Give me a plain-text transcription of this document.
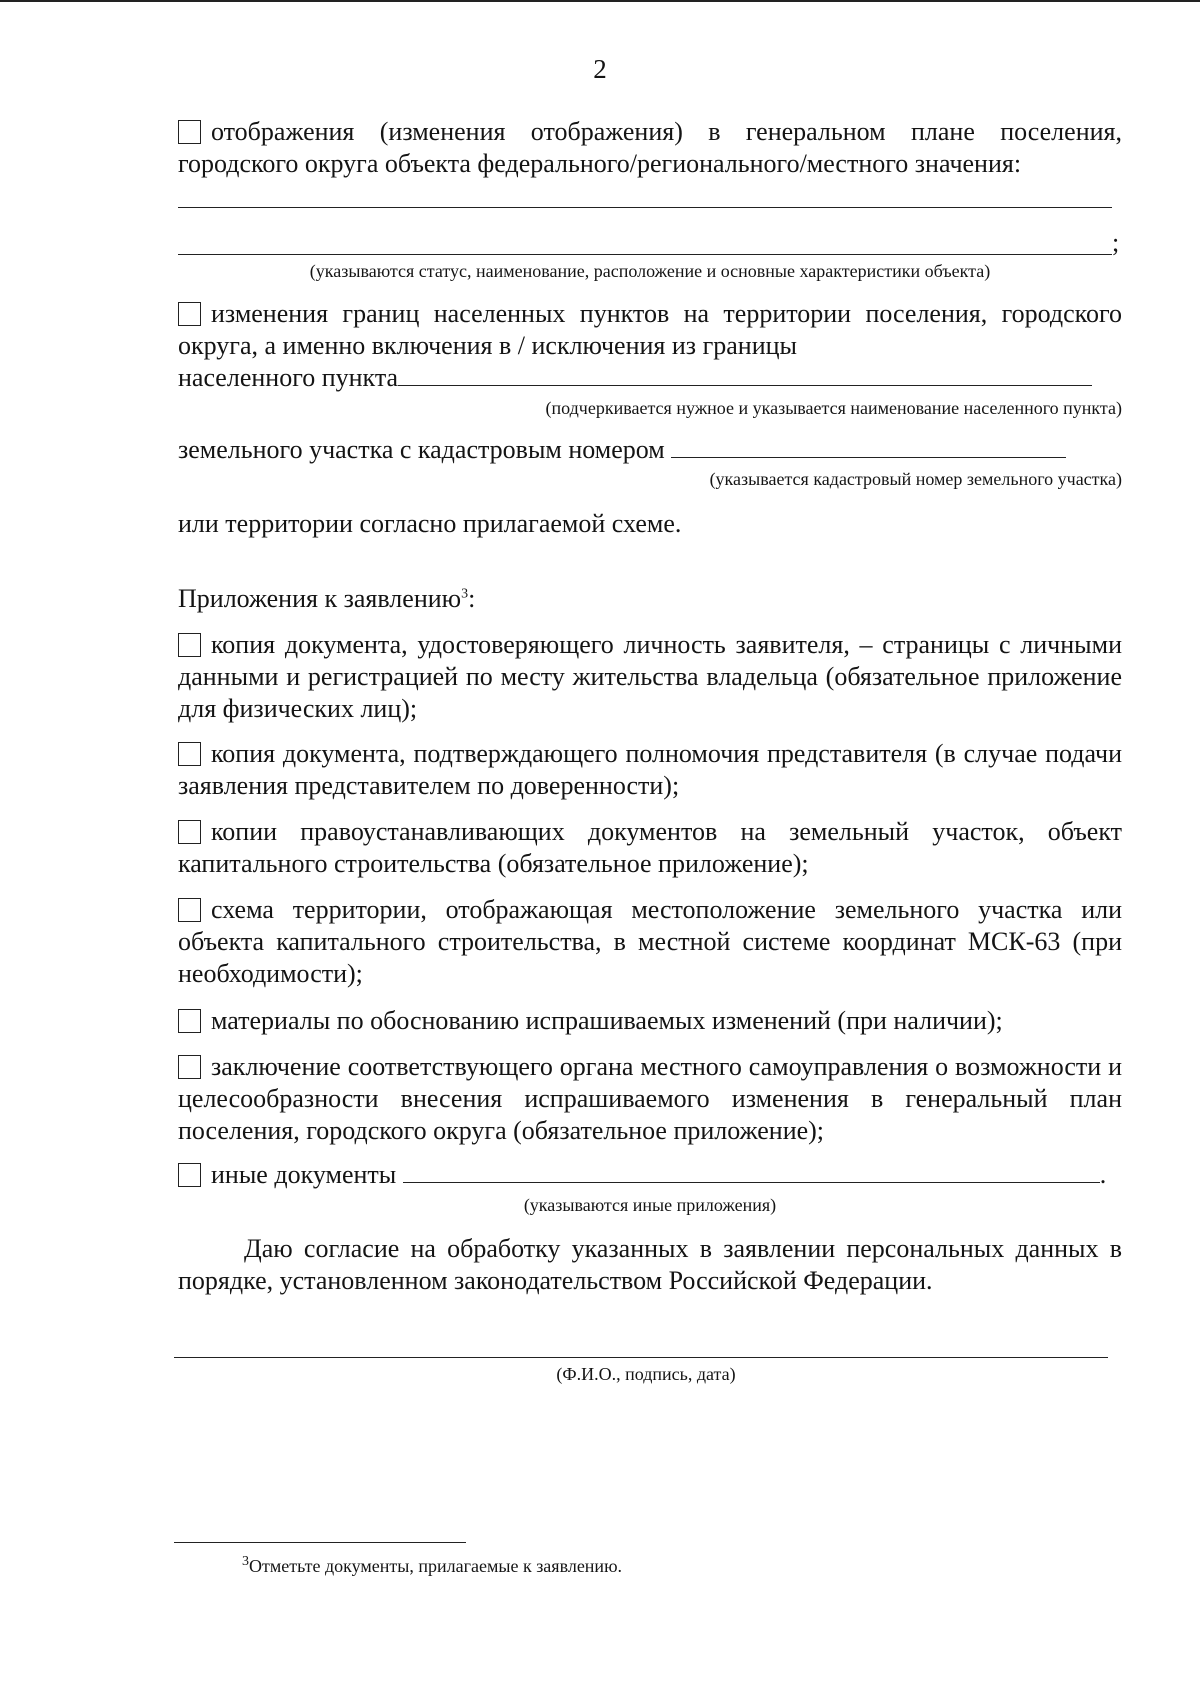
2

отображения (изменения отображения) в генеральном плане поселения, городского округа объекта федерального/регионального/местного значения:

;
(указываются статус, наименование, расположение и основные характеристики объекта)

изменения границ населенных пунктов на территории поселения, городского округа, а именно включения в / исключения из границы

населенного пункта

(подчеркивается нужное и указывается наименование населенного пункта)

земельного участка с кадастровым номером

(указывается кадастровый номер земельного участка)

или территории согласно прилагаемой схеме.

Приложения к заявлению$^3$:

копия документа, удостоверяющего личность заявителя, – страницы с личными данными и регистрацией по месту жительства владельца (обязательное приложение для физических лиц);

копия документа, подтверждающего полномочия представителя (в случае подачи заявления представителем по доверенности);

копии правоустанавливающих документов на земельный участок, объект капитального строительства (обязательное приложение);

схема территории, отображающая местоположение земельного участка или объекта капитального строительства, в местной системе координат МСК-63 (при необходимости);

материалы по обоснованию испрашиваемых изменений (при наличии);

заключение соответствующего органа местного самоуправления о возможности и целесообразности внесения испрашиваемого изменения в генеральный план поселения, городского округа (обязательное приложение);

иные документы	.

(указываются иные приложения)

Даю согласие на обработку указанных в заявлении персональных данных в порядке, установленном законодательством Российской Федерации.

(Ф.И.О., подпись, дата)
$^3$Отметьте документы, прилагаемые к заявлению.
